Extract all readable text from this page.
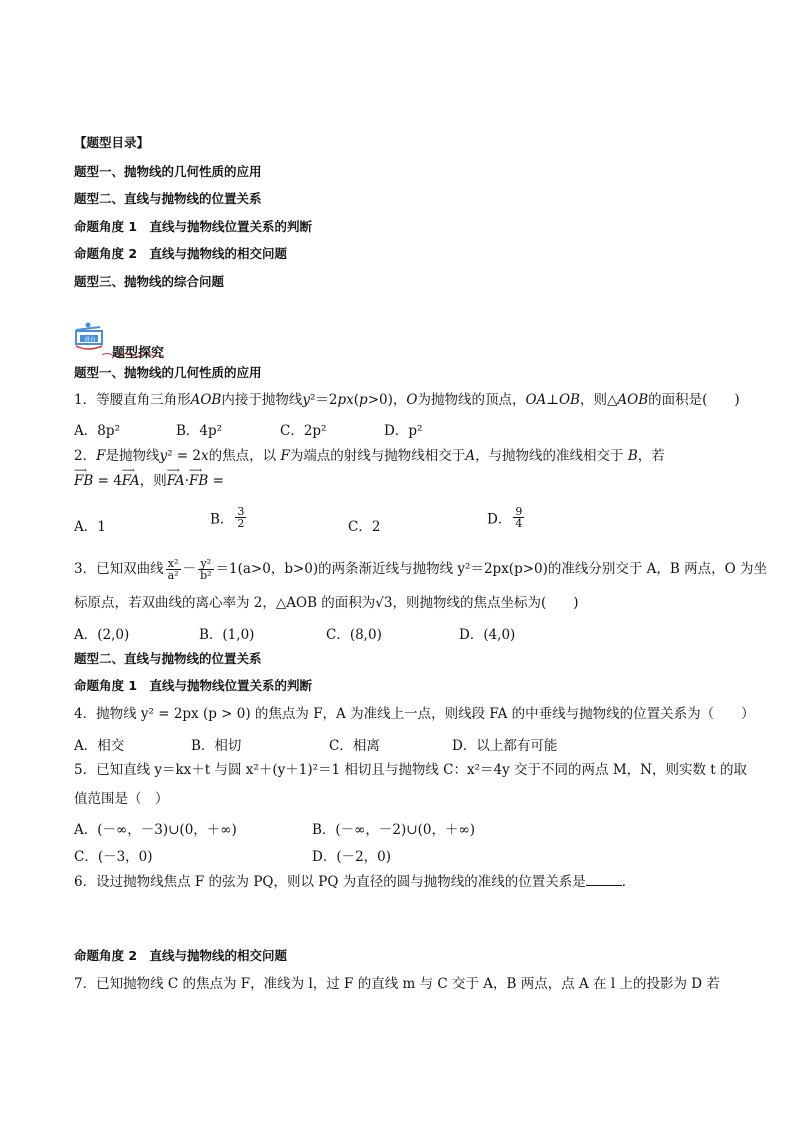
讲台
题型探究
【题型目录】
题型一、抛物线的几何性质的应用
题型二、直线与抛物线的位置关系
命题角度 1　直线与抛物线位置关系的判断
命题角度 2　直线与抛物线的相交问题
题型三、抛物线的综合问题
题型一、抛物线的几何性质的应用
1．等腰直角三角形AOB内接于抛物线y²＝2px(p>0)，O为抛物线的顶点，OA⊥OB，则△AOB的面积是(　　)
A．8p²	B．4p²	C．2p²	D．p²
2．F是抛物线y² = 2x的焦点，以 F为端点的射线与抛物线相交于A，与抛物线的准线相交于 B，若
⟶ FB = 4⟶ FA，则⟶ FA·⟶ FB =
A．1	B． $\frac{3}{2}$	C．2	D． $\frac{9}{4}$
3．已知双曲线 $\frac{\text{x²}}{\text{a²}} - \frac{\text{y²}}{\text{b²}} =1(a>0$，b>0)的两条渐近线与抛物线 y²＝2px(p>0)的准线分别交于 A，B 两点，O 为坐
标原点，若双曲线的离心率为 2，△AOB 的面积为√3，则抛物线的焦点坐标为(　　)
A．(2,0)	B．(1,0)	C．(8,0)	D．(4,0)
题型二、直线与抛物线的位置关系
命题角度 1　直线与抛物线位置关系的判断
4．抛物线 y² = 2px (p > 0) 的焦点为 F，A 为准线上一点，则线段 FA 的中垂线与抛物线的位置关系为（　　）
A．相交	B．相切	C．相离	D．以上都有可能
5．已知直线 y＝kx＋t 与圆 x²＋(y＋1)²＝1 相切且与抛物线 C：x²＝4y 交于不同的两点 M，N，则实数 t 的取
值范围是（　）
A．(－∞，－3)∪(0，＋∞)	B．(－∞，－2)∪(0，＋∞)
C．(－3，0)	D．(－2，0)
6．设过抛物线焦点 F 的弦为 PQ，则以 PQ 为直径的圆与抛物线的准线的位置关系是	．
命题角度 2　直线与抛物线的相交问题
7．已知抛物线 C 的焦点为 F，准线为 l，过 F 的直线 m 与 C 交于 A，B 两点，点 A 在 l 上的投影为 D 若
